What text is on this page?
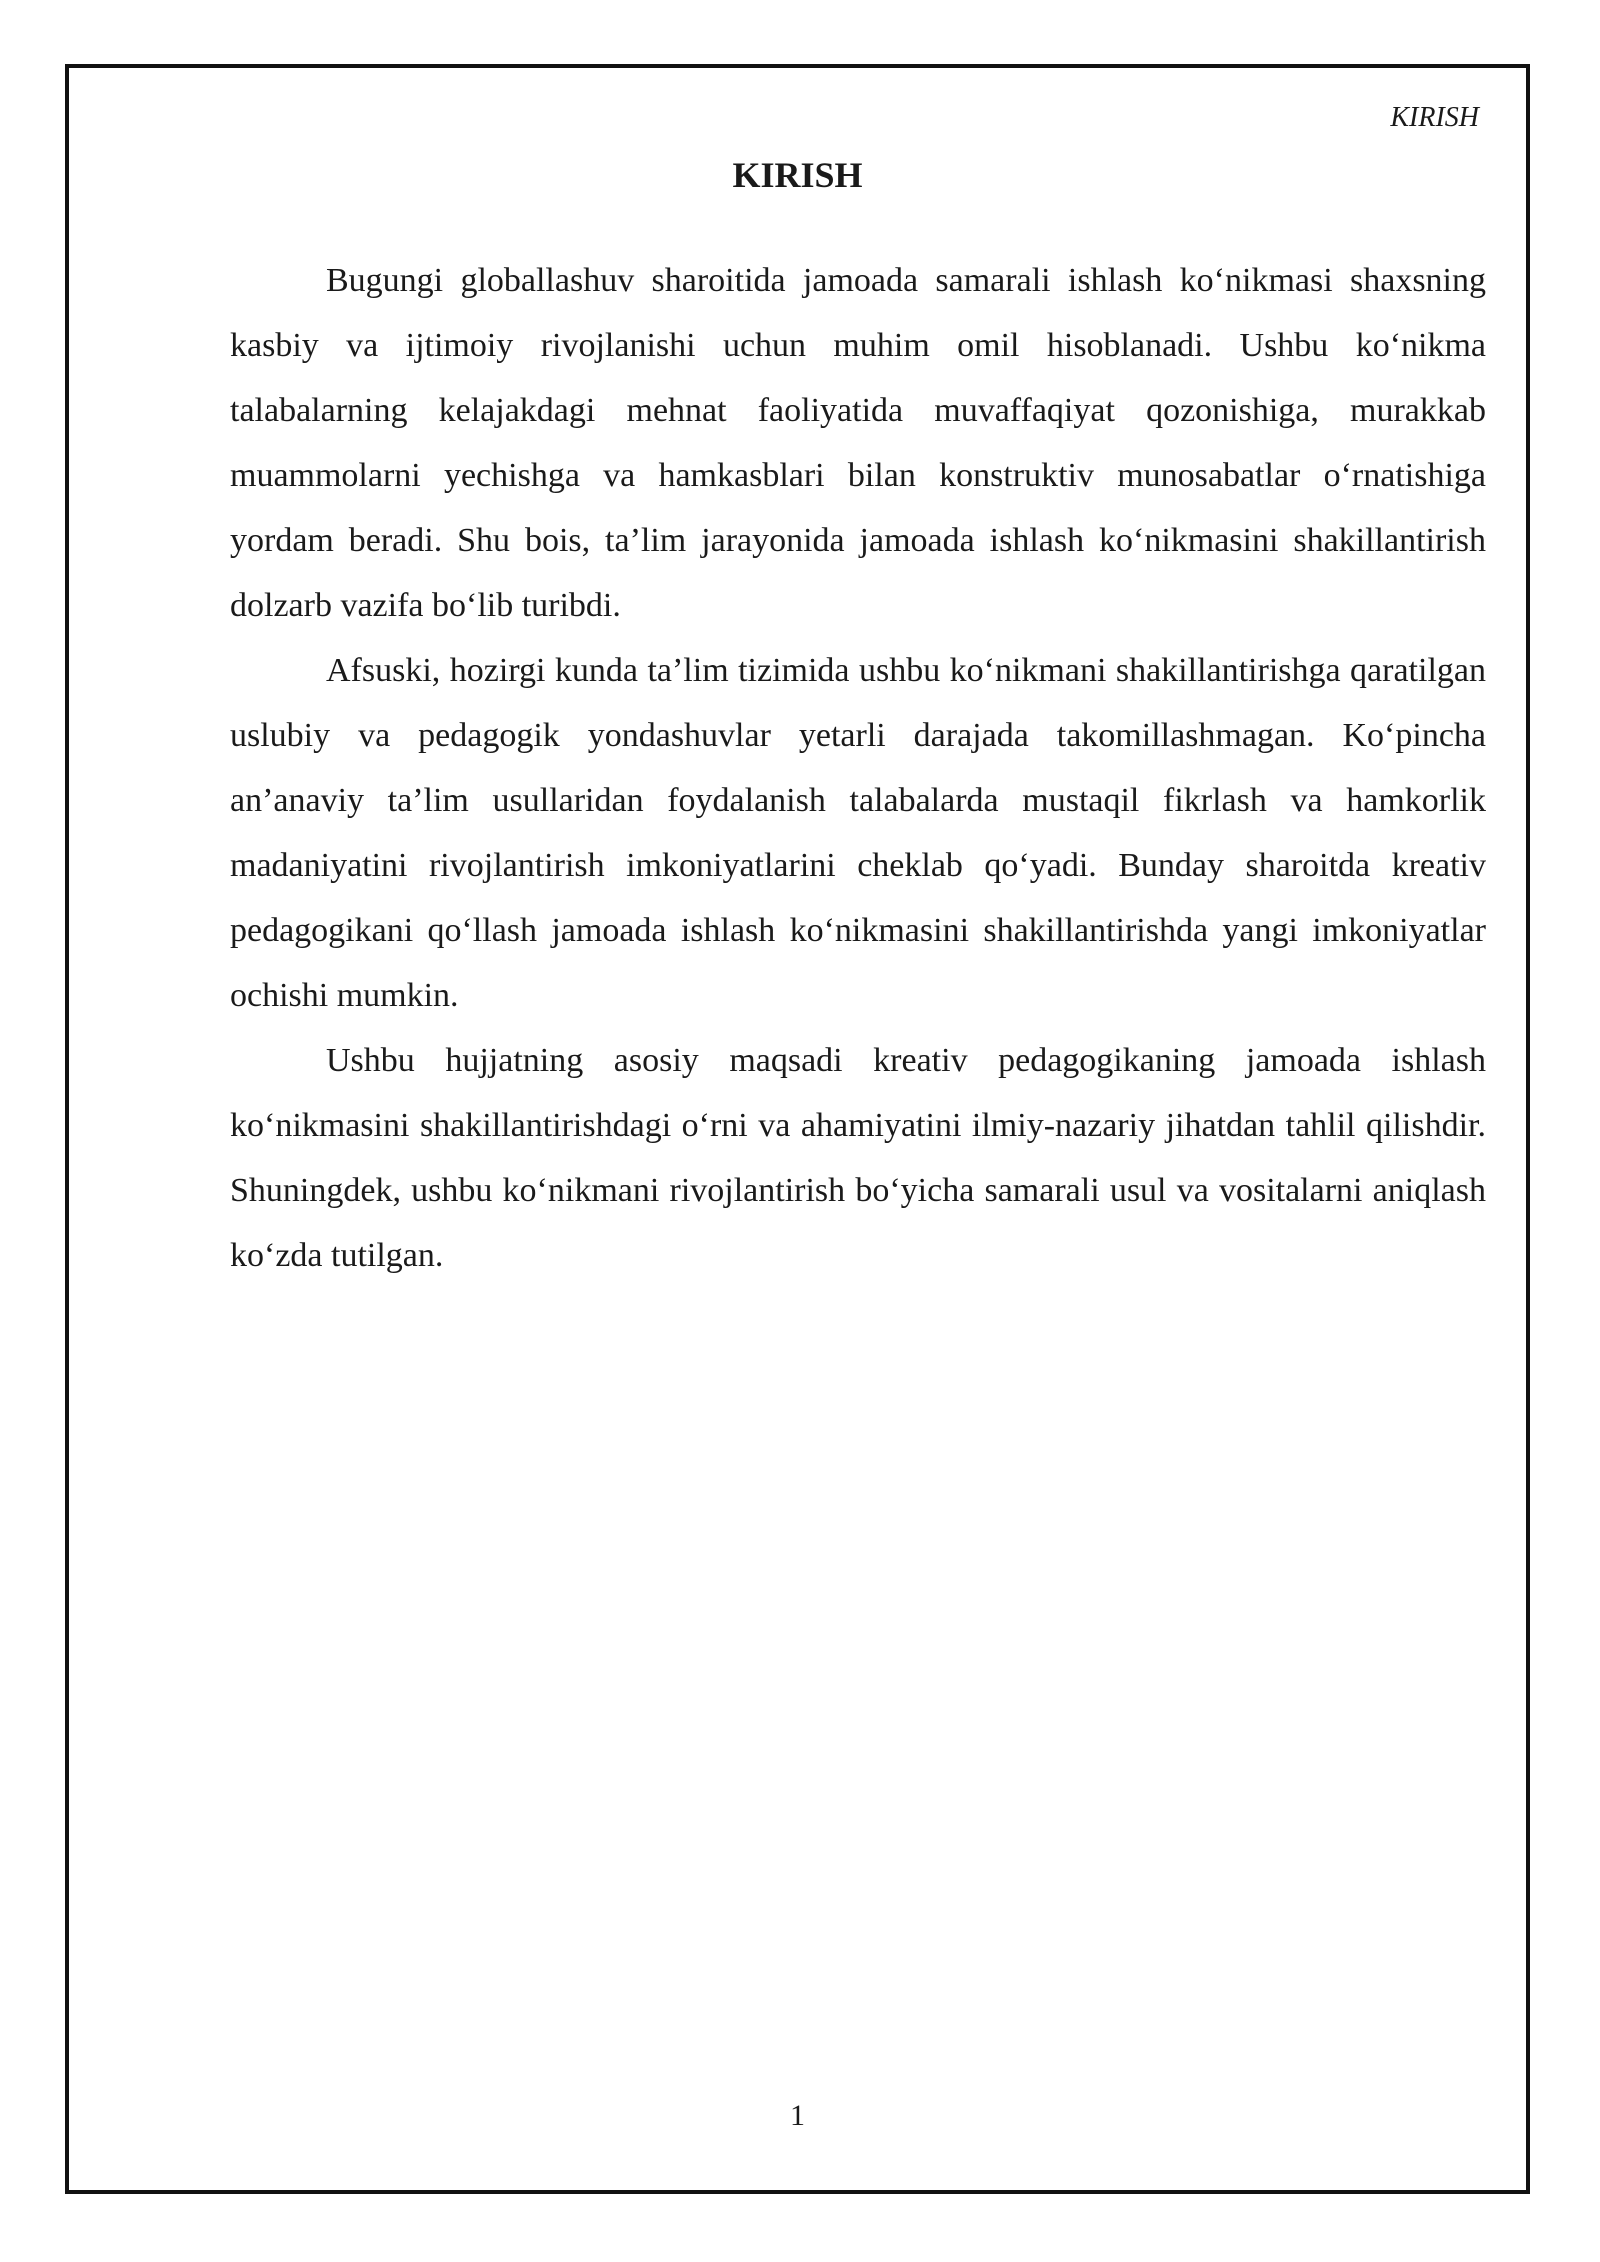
KIRISH
KIRISH

Bugungi globallashuv sharoitida jamoada samarali ishlash ko‘nikmasi shaxsning kasbiy va ijtimoiy rivojlanishi uchun muhim omil hisoblanadi. Ushbu ko‘nikma talabalarning kelajakdagi mehnat faoliyatida muvaffaqiyat qozonishiga, murakkab muammolarni yechishga va hamkasblari bilan konstruktiv munosabatlar o‘rnatishiga yordam beradi. Shu bois, ta’lim jarayonida jamoada ishlash ko‘nikmasini shakillantirish dolzarb vazifa bo‘lib turibdi.

Afsuski, hozirgi kunda ta’lim tizimida ushbu ko‘nikmani shakillantirishga qaratilgan uslubiy va pedagogik yondashuvlar yetarli darajada takomillashmagan. Ko‘pincha an’anaviy ta’lim usullaridan foydalanish talabalarda mustaqil fikrlash va hamkorlik madaniyatini rivojlantirish imkoniyatlarini cheklab qo‘yadi. Bunday sharoitda kreativ pedagogikani qo‘llash jamoada ishlash ko‘nikmasini shakillantirishda yangi imkoniyatlar ochishi mumkin.

Ushbu hujjatning asosiy maqsadi kreativ pedagogikaning jamoada ishlash ko‘nikmasini shakillantirishdagi o‘rni va ahamiyatini ilmiy-nazariy jihatdan tahlil qilishdir. Shuningdek, ushbu ko‘nikmani rivojlantirish bo‘yicha samarali usul va vositalarni aniqlash ko‘zda tutilgan.

1
